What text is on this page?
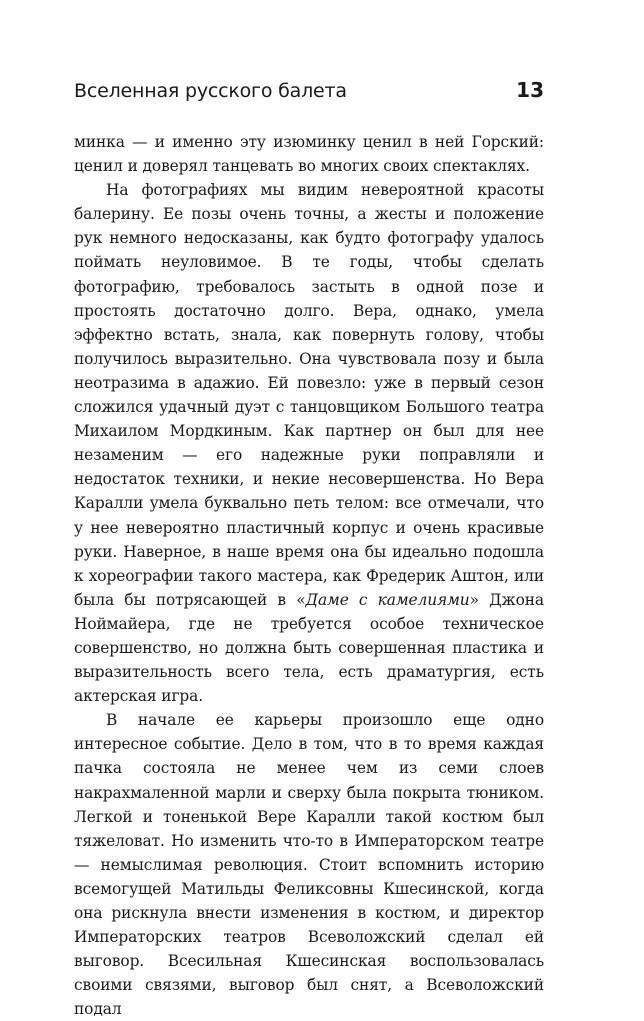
Вселенная русского балета	13

минка — и именно эту изюминку ценил в ней Горский: ценил и доверял танцевать во многих своих спектаклях.

На фотографиях мы видим невероятной красоты балерину. Ее позы очень точны, а жесты и положение рук немного недосказаны, как будто фотографу удалось поймать неуловимое. В те годы, чтобы сделать фотографию, требовалось застыть в одной позе и простоять достаточно долго. Вера, однако, умела эффектно встать, знала, как повернуть голову, чтобы получилось выразительно. Она чувствовала позу и была неотразима в адажио. Ей повезло: уже в первый сезон сложился удачный дуэт с танцовщиком Большого театра Михаилом Мордкиным. Как партнер он был для нее незаменим — его надежные руки поправляли и недостаток техники, и некие несовершенства. Но Вера Каралли умела буквально петь телом: все отмечали, что у нее невероятно пластичный корпус и очень красивые руки. Наверное, в наше время она бы идеально подошла к хореографии такого мастера, как Фредерик Аштон, или была бы потрясающей в «Даме с камелиями» Джона Ноймайера, где не требуется особое техническое совершенство, но должна быть совершенная пластика и выразительность всего тела, есть драматургия, есть актерская игра.

В начале ее карьеры произошло еще одно интересное событие. Дело в том, что в то время каждая пачка состояла не менее чем из семи слоев накрахмаленной марли и сверху была покрыта тюником. Легкой и тоненькой Вере Каралли такой костюм был тяжеловат. Но изменить что-то в Императорском театре — немыслимая революция. Стоит вспомнить историю всемогущей Матильды Феликсовны Кшесинской, когда она рискнула внести изменения в костюм, и директор Императорских театров Всеволожский сделал ей выговор. Всесильная Кшесинская воспользовалась своими связями, выговор был снят, а Всеволожский подал
